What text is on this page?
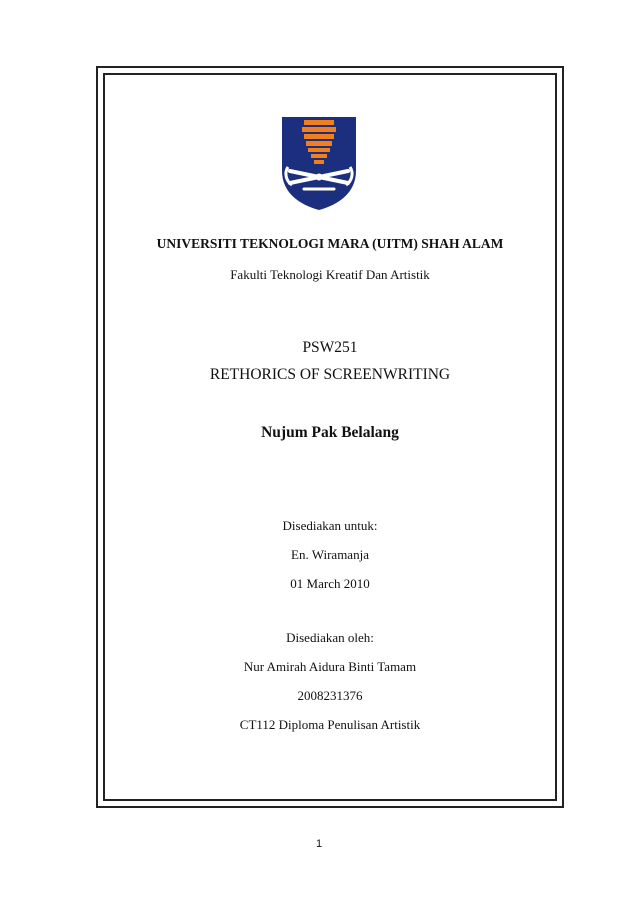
UNIVERSITI TEKNOLOGI MARA (UITM) SHAH ALAM
Fakulti Teknologi Kreatif Dan Artistik
PSW251
RETHORICS OF SCREENWRITING
Nujum Pak Belalang
Disediakan untuk:
En. Wiramanja
01 March 2010
Disediakan oleh:
Nur Amirah Aidura Binti Tamam
2008231376
CT112 Diploma Penulisan Artistik
1
